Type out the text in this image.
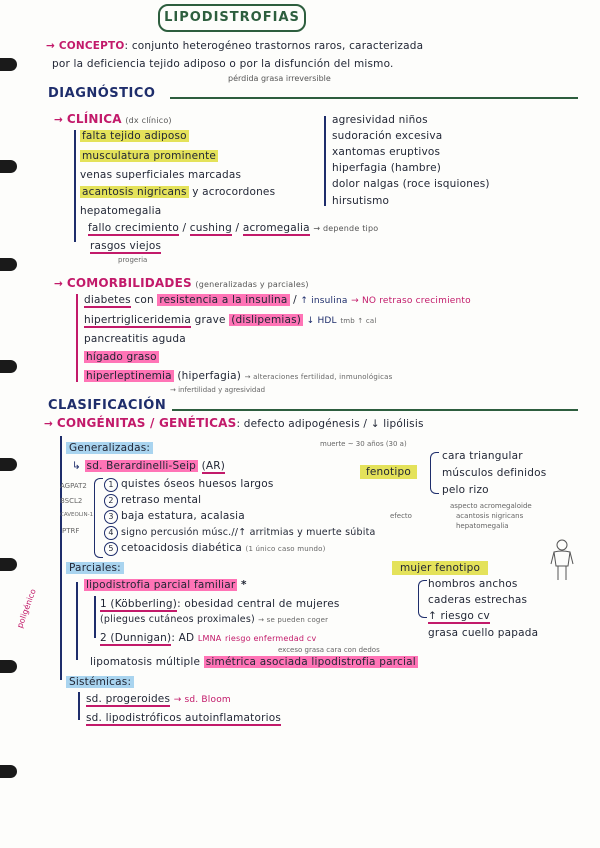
LIPODISTROFIAS
→ CONCEPTO: conjunto heterogéneo trastornos raros, caracterizada
por la deficiencia tejido adiposo o por la disfunción del mismo.
pérdida grasa irreversible
DIAGNÓSTICO
→ CLÍNICA (dx clínico)
falta tejido adiposo
musculatura prominente
venas superficiales marcadas
acantosis nigricans y acrocordones
hepatomegalia
fallo crecimiento / cushing / acromegalia → depende tipo
rasgos viejos
progeria
agresividad niños
sudoración excesiva
xantomas eruptivos
hiperfagia (hambre)
dolor nalgas (roce isquiones)
hirsutismo
→ COMORBILIDADES (generalizadas y parciales)
diabetes con resistencia a la insulina / ↑ insulina → NO retraso crecimiento
hipertrigliceridemia grave (dislipemias) ↓ HDL tmb ↑ cal
pancreatitis aguda
hígado graso
hiperleptinemia (hiperfagia) → alteraciones fertilidad, inmunológicas
→ infertilidad y agresividad
CLASIFICACIÓN
→ CONGÉNITAS / GENÉTICAS: defecto adipogénesis / ↓ lipólisis
muerte ~ 30 años (30 a)
Generalizadas:
↳ sd. Berardinelli-Seip (AR)
AGPAT2
BSCL2
CAVEOLIN-1
PTRF
1 quistes óseos huesos largos
2 retraso mental
3 baja estatura, acalasia
4 signo percusión músc.//↑ arritmias y muerte súbita
efecto
5 cetoacidosis diabética (1 único caso mundo)
fenotipo
cara triangular
músculos definidos
pelo rizo
aspecto acromegaloide
acantosis nigricans
hepatomegalia
Parciales:
poligénico
lipodistrofia parcial familiar *
1 (Köbberling): obesidad central de mujeres
(pliegues cutáneos proximales) → se pueden coger
2 (Dunnigan): AD LMNA riesgo enfermedad cv
exceso grasa cara con dedos
lipomatosis múltiple simétrica asociada lipodistrofia parcial
mujer fenotipo
hombros anchos
caderas estrechas
↑ riesgo cv
grasa cuello papada
Sistémicas:
sd. progeroides → sd. Bloom
sd. lipodistróficos autoinflamatorios
